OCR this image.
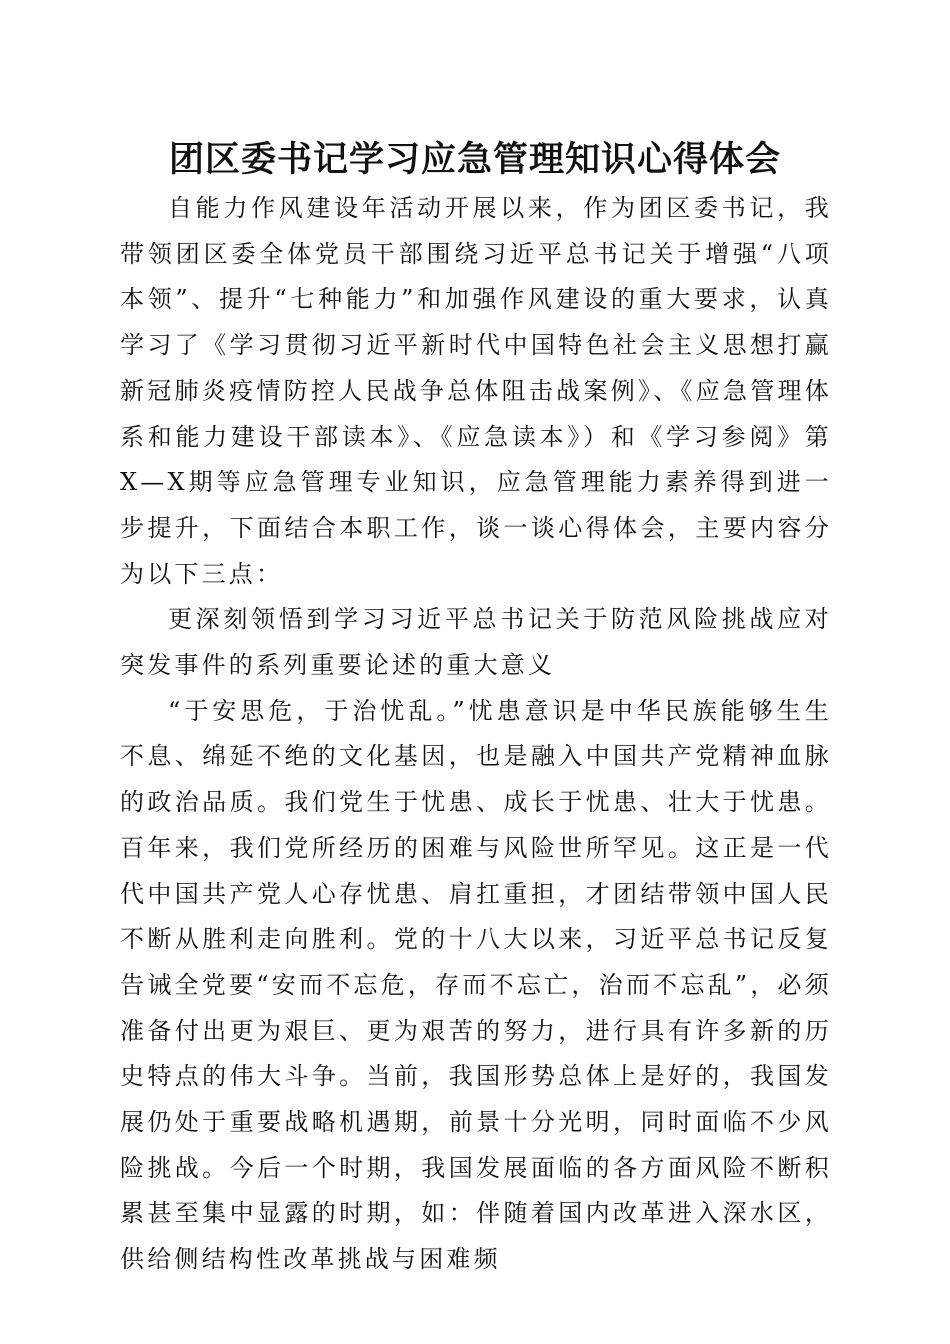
团区委书记学习应急管理知识心得体会

自能力作风建设年活动开展以来，作为团区委书记，我带领团区委全体党员干部围绕习近平总书记关于增强“八项本领”、提升“七种能力”和加强作风建设的重大要求，认真学习了《学习贯彻习近平新时代中国特色社会主义思想打赢新冠肺炎疫情防控人民战争总体阻击战案例》、《应急管理体系和能力建设干部读本》、《应急读本》）和《学习参阅》第X—X期等应急管理专业知识，应急管理能力素养得到进一步提升，下面结合本职工作，谈一谈心得体会，主要内容分为以下三点：

更深刻领悟到学习习近平总书记关于防范风险挑战应对突发事件的系列重要论述的重大意义

“于安思危，于治忧乱。”忧患意识是中华民族能够生生不息、绵延不绝的文化基因，也是融入中国共产党精神血脉的政治品质。我们党生于忧患、成长于忧患、壮大于忧患。百年来，我们党所经历的困难与风险世所罕见。这正是一代代中国共产党人心存忧患、肩扛重担，才团结带领中国人民不断从胜利走向胜利。党的十八大以来，习近平总书记反复告诫全党要“安而不忘危，存而不忘亡，治而不忘乱”，必须准备付出更为艰巨、更为艰苦的努力，进行具有许多新的历史特点的伟大斗争。当前，我国形势总体上是好的，我国发展仍处于重要战略机遇期，前景十分光明，同时面临不少风险挑战。今后一个时期，我国发展面临的各方面风险不断积累甚至集中显露的时期，如：伴随着国内改革进入深水区，供给侧结构性改革挑战与困难频
